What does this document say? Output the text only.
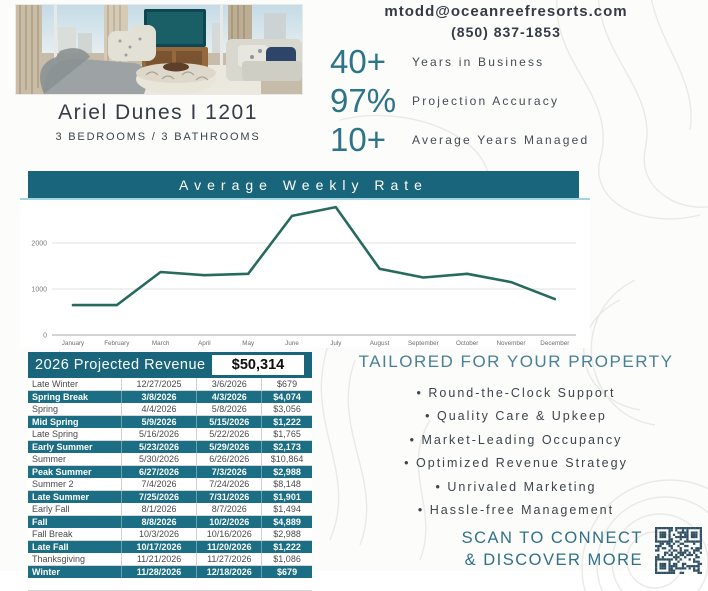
Ariel Dunes I 1201
3 BEDROOMS / 3 BATHROOMS
mtodd@oceanreefresorts.com
(850) 837-1853
40+	Years in Business
97% Projection Accuracy
10+	Average Years Managed
Average Weekly Rate
0
1000
2000
January	February	March	April	May	June	July	August	September	October	November December
2026 Projected Revenue	$50,314
Late Winter	12/27/2025	3/6/2026	$679
Spring Break	3/8/2026	4/3/2026	$4,074
Spring	4/4/2026	5/8/2026	$3,056
Mid Spring	5/9/2026	5/15/2026	$1,222
Late Spring	5/16/2026	5/22/2026	$1,765
Early Summer	5/23/2026	5/29/2026	$2,173
Summer	5/30/2026	6/26/2026	$10,864
Peak Summer	6/27/2026	7/3/2026	$2,988
Summer 2	7/4/2026	7/24/2026	$8,148
Late Summer	7/25/2026	7/31/2026	$1,901
Early Fall	8/1/2026	8/7/2026	$1,494
Fall	8/8/2026	10/2/2026	$4,889
Fall Break	10/3/2026	10/16/2026	$2,988
Late Fall	10/17/2026	11/20/2026	$1,222
Thanksgiving	11/21/2026	11/27/2026	$1,086
Winter	11/28/2026	12/18/2026	$679
TAILORED FOR YOUR PROPERTY
• Round-the-Clock Support
• Quality Care & Upkeep
• Market-Leading Occupancy
• Optimized Revenue Strategy
• Unrivaled Marketing
• Hassle-free Management
SCAN TO CONNECT
& DISCOVER MORE
